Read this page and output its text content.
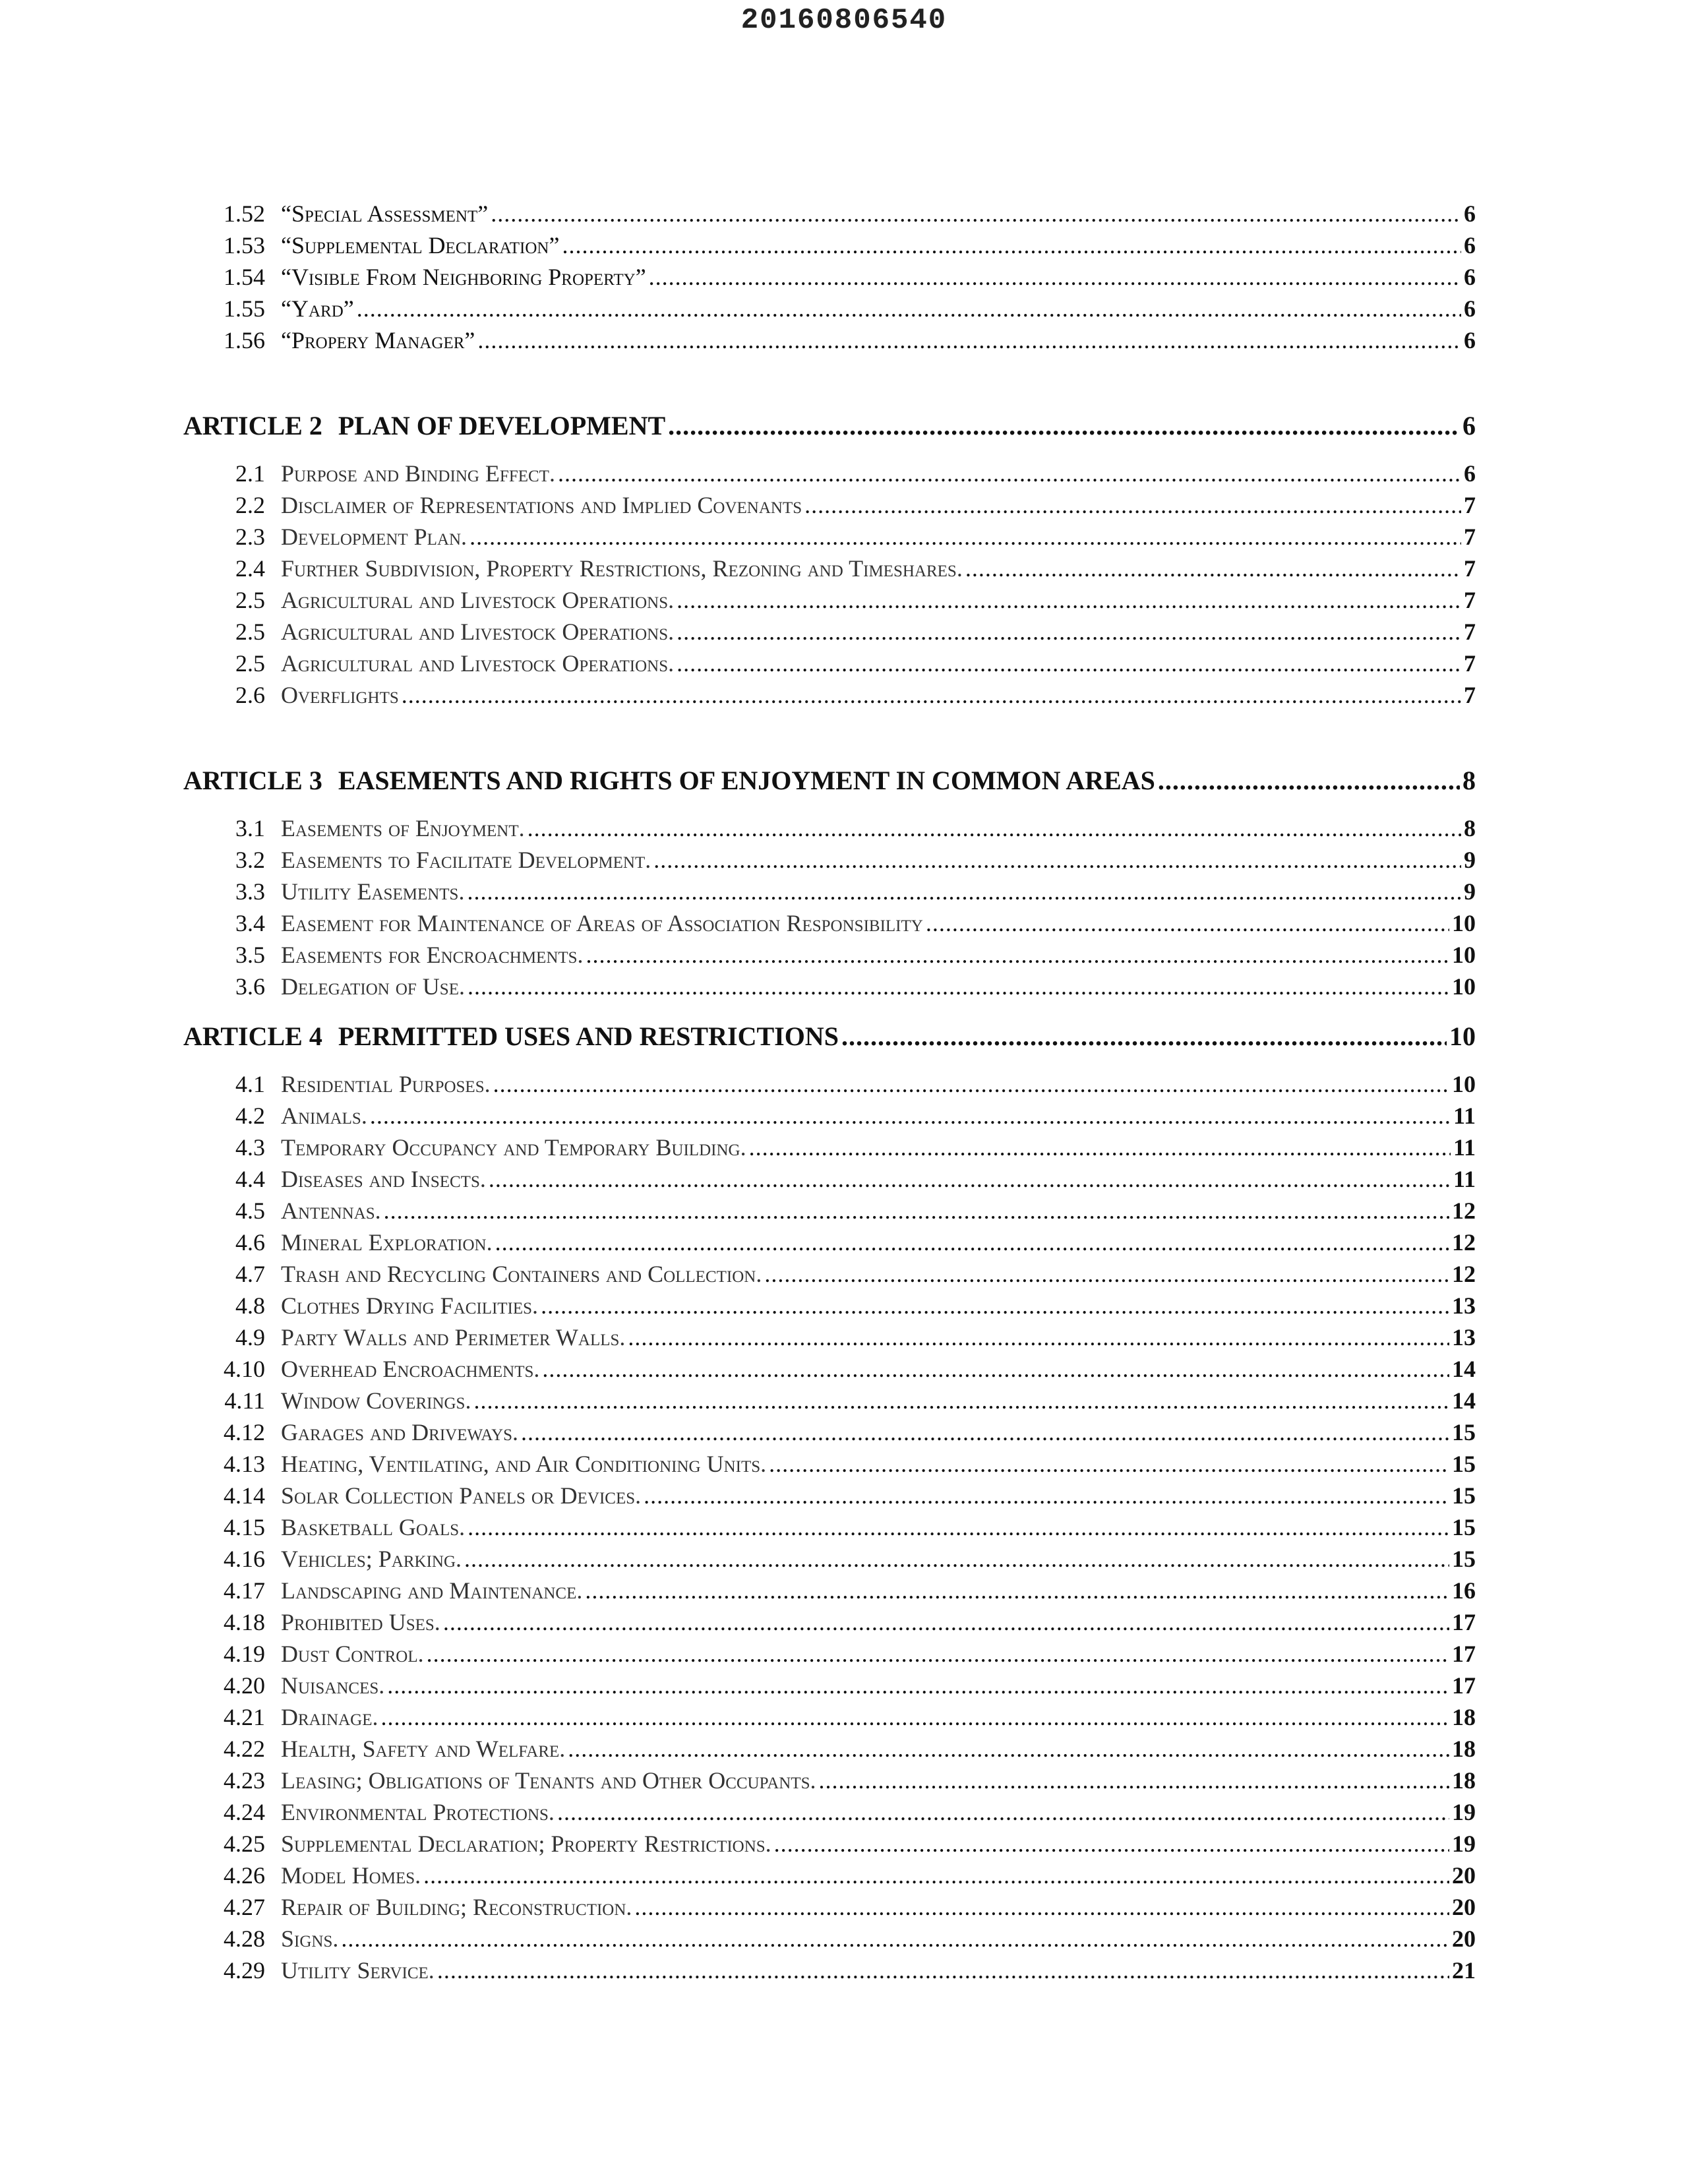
20160806540
1.52 “Special Assessment” .....	6
1.53 “Supplemental Declaration” .....	6
1.54 “Visible From Neighboring Property” .....	6
1.55 “Yard” .....	6
1.56 “Propery Manager” .....	6
ARTICLE 2 PLAN OF DEVELOPMENT .....	6
2.1 Purpose and Binding Effect. .....	6
2.2 Disclaimer of Representations and Implied Covenants .....	7
2.3 Development Plan. .....	7
2.4 Further Subdivision, Property Restrictions, Rezoning and Timeshares. .....	7
2.5 Agricultural and Livestock Operations. .....	7
2.5 Agricultural and Livestock Operations. .....	7
2.5 Agricultural and Livestock Operations. .....	7
2.6 Overflights .....	7
ARTICLE 3 EASEMENTS AND RIGHTS OF ENJOYMENT IN COMMON AREAS .....	8
3.1 Easements of Enjoyment. .....	8
3.2 Easements to Facilitate Development. .....	9
3.3 Utility Easements. .....	9
3.4 Easement for Maintenance of Areas of Association Responsibility .....	10
3.5 Easements for Encroachments. .....	10
3.6 Delegation of Use. .....	10
ARTICLE 4 PERMITTED USES AND RESTRICTIONS .....	10
4.1 Residential Purposes. .....	10
4.2 Animals. .....	11
4.3 Temporary Occupancy and Temporary Building. .....	11
4.4 Diseases and Insects. .....	11
4.5 Antennas. .....	12
4.6 Mineral Exploration. .....	12
4.7 Trash and Recycling Containers and Collection. .....	12
4.8 Clothes Drying Facilities. .....	13
4.9 Party Walls and Perimeter Walls. .....	13
4.10 Overhead Encroachments. .....	14
4.11 Window Coverings. .....	14
4.12 Garages and Driveways. .....	15
4.13 Heating, Ventilating, and Air Conditioning Units. .....	15
4.14 Solar Collection Panels or Devices. .....	15
4.15 Basketball Goals. .....	15
4.16 Vehicles; Parking. .....	15
4.17 Landscaping and Maintenance. .....	16
4.18 Prohibited Uses. .....	17
4.19 Dust Control. .....	17
4.20 Nuisances. .....	17
4.21 Drainage. .....	18
4.22 Health, Safety and Welfare. .....	18
4.23 Leasing; Obligations of Tenants and Other Occupants. .....	18
4.24 Environmental Protections. .....	19
4.25 Supplemental Declaration; Property Restrictions. .....	19
4.26 Model Homes. .....	20
4.27 Repair of Building; Reconstruction. .....	20
4.28 Signs. .....	20
4.29 Utility Service. .....	21
